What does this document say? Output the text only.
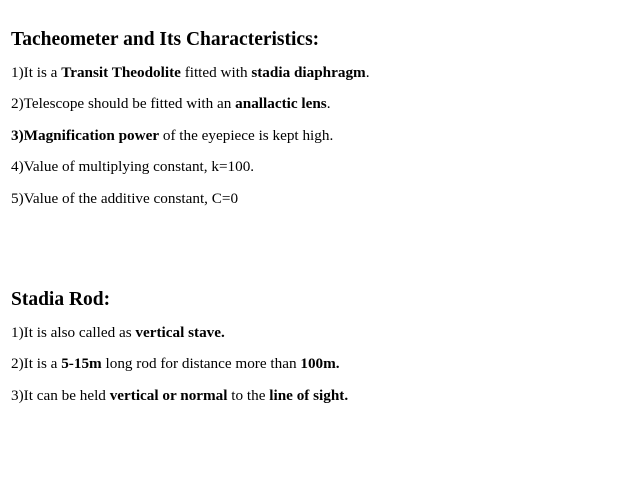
Tacheometer and Its Characteristics:

1)It is a Transit Theodolite fitted with stadia diaphragm.

2)Telescope should be fitted with an anallactic lens.

3)Magnification power of the eyepiece is kept high.

4)Value of multiplying constant, k=100.

5)Value of the additive constant, C=0

Stadia Rod:

1)It is also called as vertical stave.

2)It is a 5-15m long rod for distance more than 100m.

3)It can be held vertical or normal to the line of sight.
